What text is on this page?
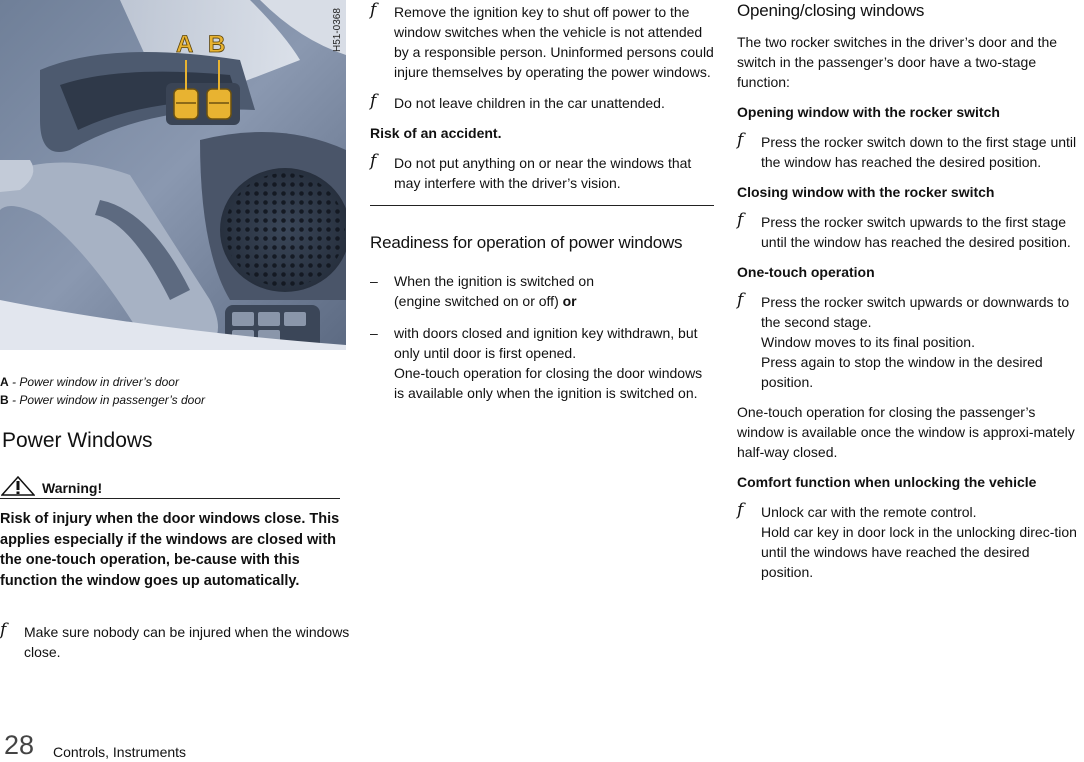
A B	H51-0368
A - Power window in driver’s door
B - Power window in passenger’s door
Power Windows
Warning!
Risk of injury when the door windows close. This applies especially if the windows are closed with the one-touch operation, be-cause with this function the window goes up automatically.
f Make sure nobody can be injured when the windows close.
f Remove the ignition key to shut off power to the window switches when the vehicle is not attended by a responsible person. Uninformed persons could injure themselves by operating the power windows.
f Do not leave children in the car unattended.
Risk of an accident.
f Do not put anything on or near the windows that may interfere with the driver’s vision.
Readiness for operation of power windows
– When the ignition is switched on
(engine switched on or off) or
– with doors closed and ignition key withdrawn, but only until door is first opened.
One-touch operation for closing the door windows is available only when the ignition is switched on.
Opening/closing windows
The two rocker switches in the driver’s door and the switch in the passenger’s door have a two-stage function:
Opening window with the rocker switch
f Press the rocker switch down to the first stage until the window has reached the desired position.
Closing window with the rocker switch
f Press the rocker switch upwards to the first stage until the window has reached the desired position.
One-touch operation
f Press the rocker switch upwards or downwards to the second stage.
Window moves to its final position.
Press again to stop the window in the desired position.
One-touch operation for closing the passenger’s window is available once the window is approxi-mately half-way closed.
Comfort function when unlocking the vehicle
f Unlock car with the remote control.
Hold car key in door lock in the unlocking direc-tion until the windows have reached the desired position.
28 Controls, Instruments
